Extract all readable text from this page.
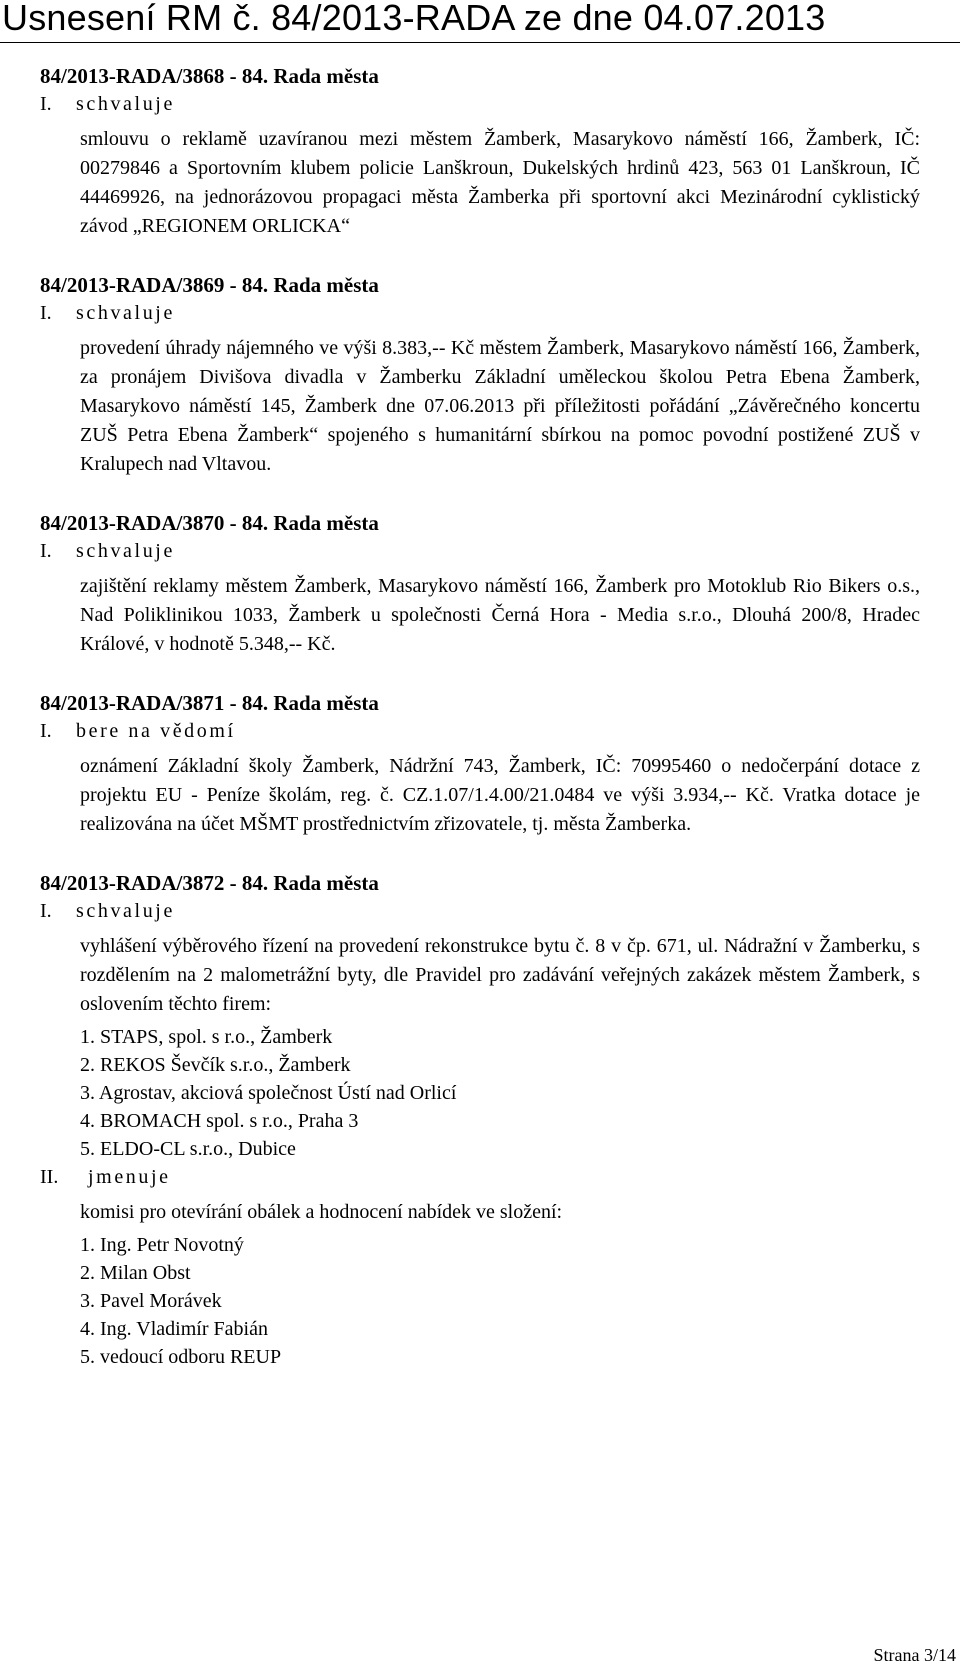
Usnesení RM č. 84/2013-RADA ze dne 04.07.2013

84/2013-RADA/3868 - 84. Rada města

I. schvaluje

smlouvu o reklamě uzavíranou mezi městem Žamberk, Masarykovo náměstí 166, Žamberk, IČ: 00279846 a Sportovním klubem policie Lanškroun, Dukelských hrdinů 423, 563 01 Lanškroun, IČ 44469926, na jednorázovou propagaci města Žamberka při sportovní akci Mezinárodní cyklistický závod „REGIONEM ORLICKA“

84/2013-RADA/3869 - 84. Rada města

I. schvaluje

provedení úhrady nájemného ve výši 8.383,-- Kč městem Žamberk, Masarykovo náměstí 166, Žamberk, za pronájem Divišova divadla v Žamberku Základní uměleckou školou Petra Ebena Žamberk, Masarykovo náměstí 145, Žamberk dne 07.06.2013 při příležitosti pořádání „Závěrečného koncertu ZUŠ Petra Ebena Žamberk“ spojeného s humanitární sbírkou na pomoc povodní postižené ZUŠ v Kralupech nad Vltavou.

84/2013-RADA/3870 - 84. Rada města

I. schvaluje

zajištění reklamy městem Žamberk, Masarykovo náměstí 166, Žamberk pro Motoklub Rio Bikers o.s., Nad Poliklinikou 1033, Žamberk u společnosti Černá Hora - Media s.r.o., Dlouhá 200/8, Hradec Králové, v hodnotě 5.348,-- Kč.

84/2013-RADA/3871 - 84. Rada města

I. bere na vědomí

oznámení Základní školy Žamberk, Nádržní 743, Žamberk, IČ: 70995460 o nedočerpání dotace z projektu EU - Peníze školám, reg. č. CZ.1.07/1.4.00/21.0484 ve výši 3.934,-- Kč. Vratka dotace je realizována na účet MŠMT prostřednictvím zřizovatele, tj. města Žamberka.

84/2013-RADA/3872 - 84. Rada města

I. schvaluje

vyhlášení výběrového řízení na provedení rekonstrukce bytu č. 8 v čp. 671, ul. Nádražní v Žamberku, s rozdělením na 2 malometrážní byty, dle Pravidel pro zadávání veřejných zakázek městem Žamberk, s oslovením těchto firem:

1. STAPS, spol. s r.o., Žamberk
2. REKOS Ševčík s.r.o., Žamberk
3. Agrostav, akciová společnost Ústí nad Orlicí
4. BROMACH spol. s r.o., Praha 3
5. ELDO-CL s.r.o., Dubice

II. jmenuje

komisi pro otevírání obálek a hodnocení nabídek ve složení:

1. Ing. Petr Novotný
2. Milan Obst
3. Pavel Morávek
4. Ing. Vladimír Fabián
5. vedoucí odboru REUP
Strana 3/14
